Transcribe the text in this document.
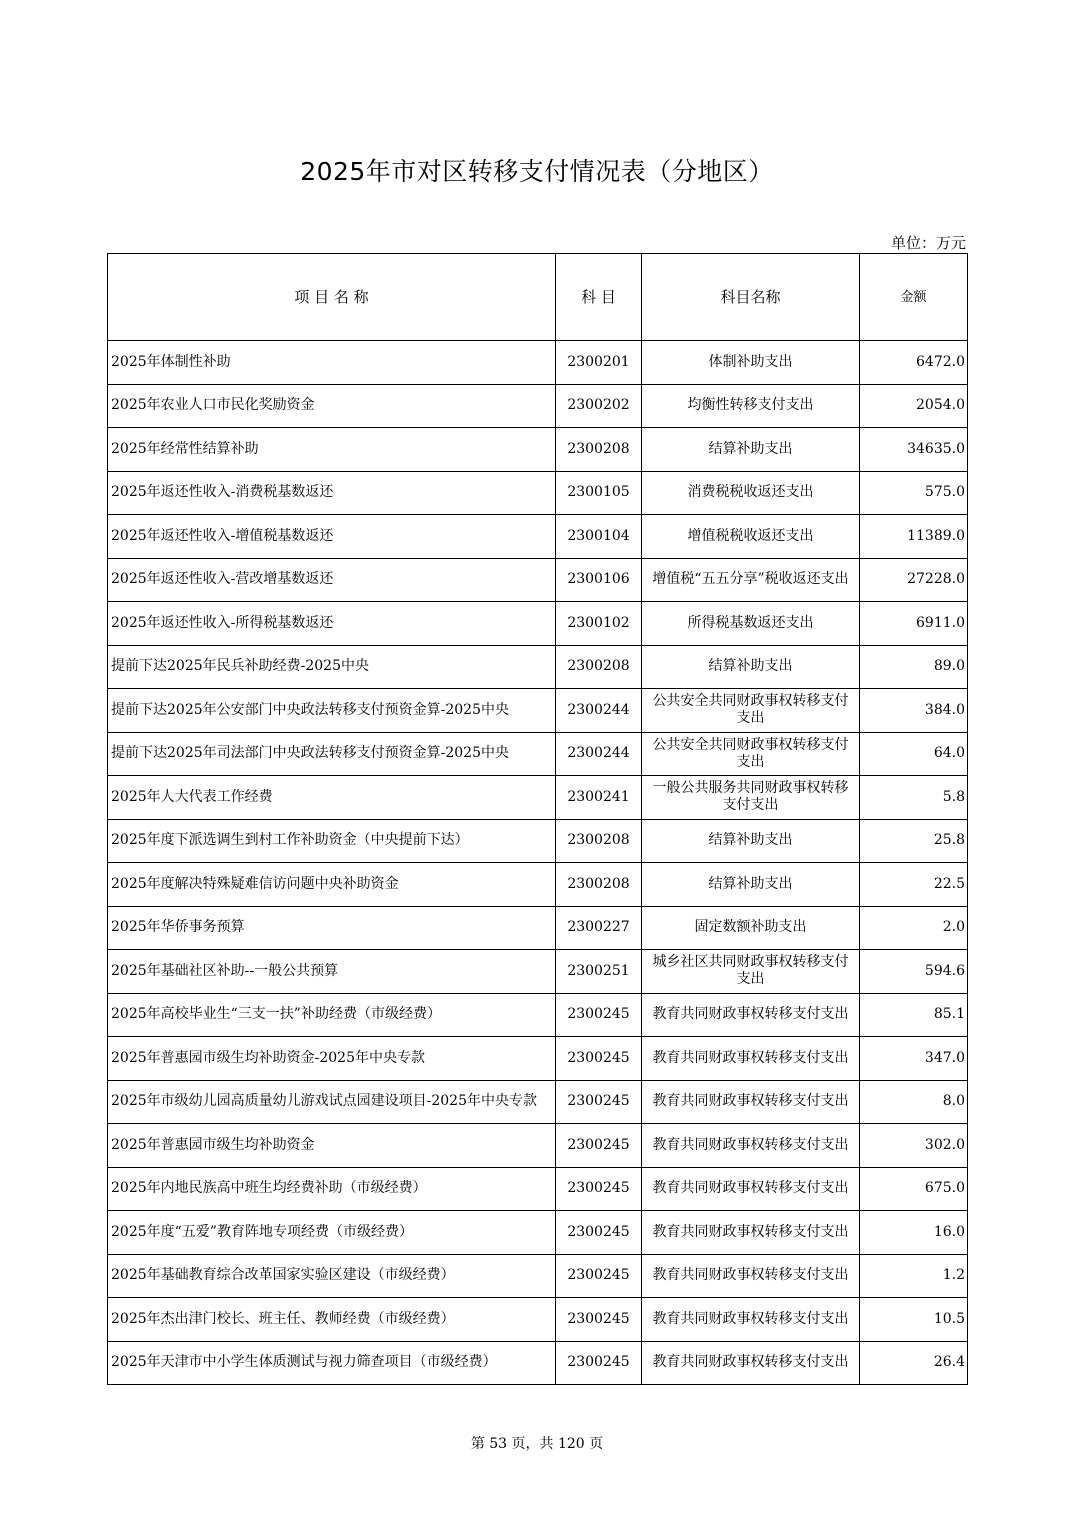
2025年市对区转移支付情况表（分地区）
单位：万元
项 目 名 称	科 目	科目名称	金额
2025年体制性补助	2300201	体制补助支出	6472.0
2025年农业人口市民化奖励资金	2300202	均衡性转移支付支出	2054.0
2025年经常性结算补助	2300208	结算补助支出	34635.0
2025年返还性收入-消费税基数返还	2300105	消费税税收返还支出	575.0
2025年返还性收入-增值税基数返还	2300104	增值税税收返还支出	11389.0
2025年返还性收入-营改增基数返还	2300106	增值税“五五分享”税收返还支出	27228.0
2025年返还性收入-所得税基数返还	2300102	所得税基数返还支出	6911.0
提前下达2025年民兵补助经费-2025中央	2300208	结算补助支出	89.0
提前下达2025年公安部门中央政法转移支付预资金算-2025中央	2300244	公共安全共同财政事权转移支付支出	384.0
提前下达2025年司法部门中央政法转移支付预资金算-2025中央	2300244	公共安全共同财政事权转移支付支出	64.0
2025年人大代表工作经费	2300241	一般公共服务共同财政事权转移支付支出	5.8
2025年度下派选调生到村工作补助资金（中央提前下达）	2300208	结算补助支出	25.8
2025年度解决特殊疑难信访问题中央补助资金	2300208	结算补助支出	22.5
2025年华侨事务预算	2300227	固定数额补助支出	2.0
2025年基础社区补助--一般公共预算	2300251	城乡社区共同财政事权转移支付支出	594.6
2025年高校毕业生“三支一扶”补助经费（市级经费）	2300245	教育共同财政事权转移支付支出	85.1
2025年普惠园市级生均补助资金-2025年中央专款	2300245	教育共同财政事权转移支付支出	347.0
2025年市级幼儿园高质量幼儿游戏试点园建设项目-2025年中央专款	2300245	教育共同财政事权转移支付支出	8.0
2025年普惠园市级生均补助资金	2300245	教育共同财政事权转移支付支出	302.0
2025年内地民族高中班生均经费补助（市级经费）	2300245	教育共同财政事权转移支付支出	675.0
2025年度“五爱”教育阵地专项经费（市级经费）	2300245	教育共同财政事权转移支付支出	16.0
2025年基础教育综合改革国家实验区建设（市级经费）	2300245	教育共同财政事权转移支付支出	1.2
2025年杰出津门校长、班主任、教师经费（市级经费）	2300245	教育共同财政事权转移支付支出	10.5
2025年天津市中小学生体质测试与视力筛查项目（市级经费）	2300245	教育共同财政事权转移支付支出	26.4
第 53 页，共 120 页
